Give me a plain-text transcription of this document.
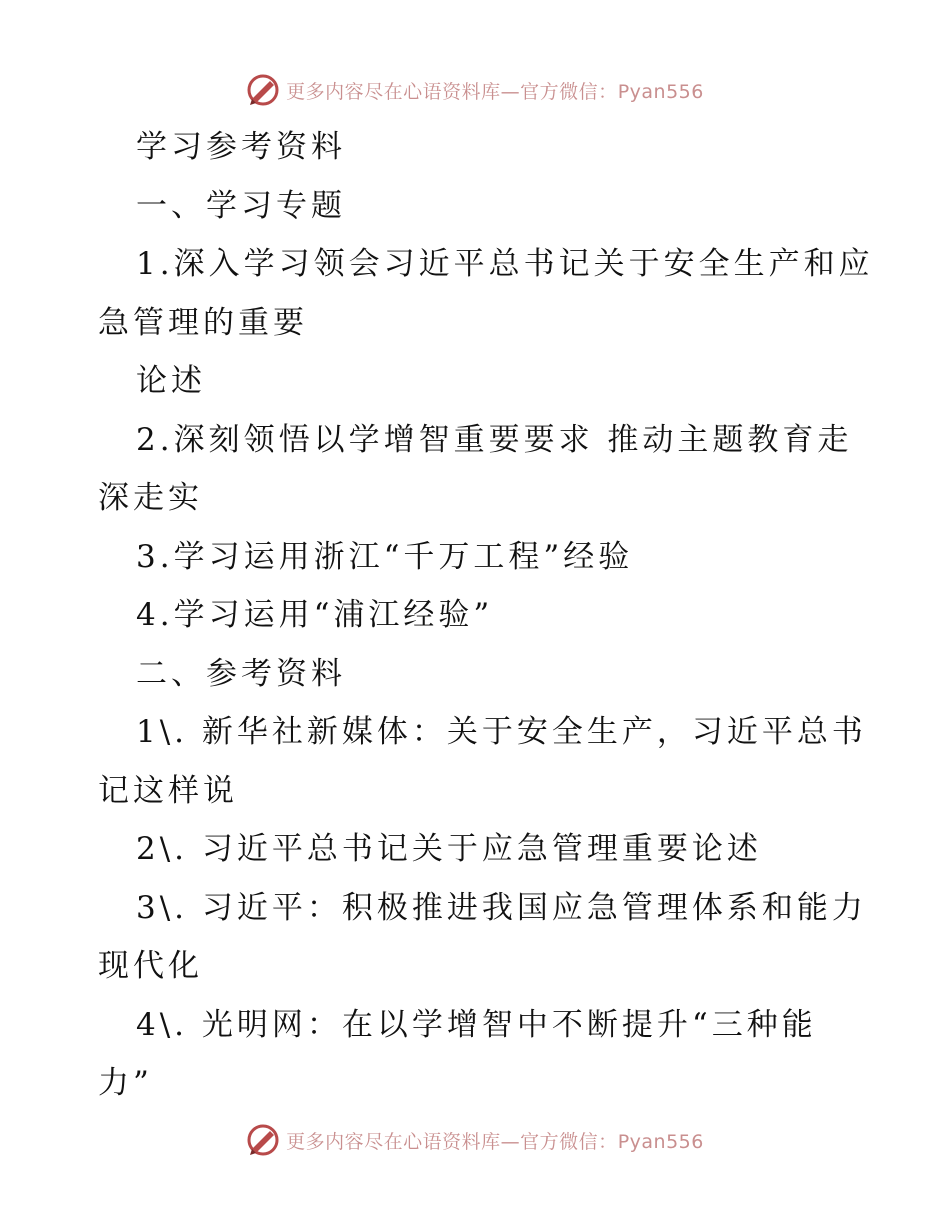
更多内容尽在心语资料库—官方微信：Pyan556
学习参考资料
一、学习专题
1.深入学习领会习近平总书记关于安全生产和应
急管理的重要
论述
2.深刻领悟以学增智重要要求 推动主题教育走
深走实
3.学习运用浙江“千万工程”经验
4.学习运用“浦江经验”
二、参考资料
1\. 新华社新媒体：关于安全生产，习近平总书
记这样说
2\. 习近平总书记关于应急管理重要论述
3\. 习近平：积极推进我国应急管理体系和能力
现代化
4\. 光明网：在以学增智中不断提升“三种能
力”
更多内容尽在心语资料库—官方微信：Pyan556
